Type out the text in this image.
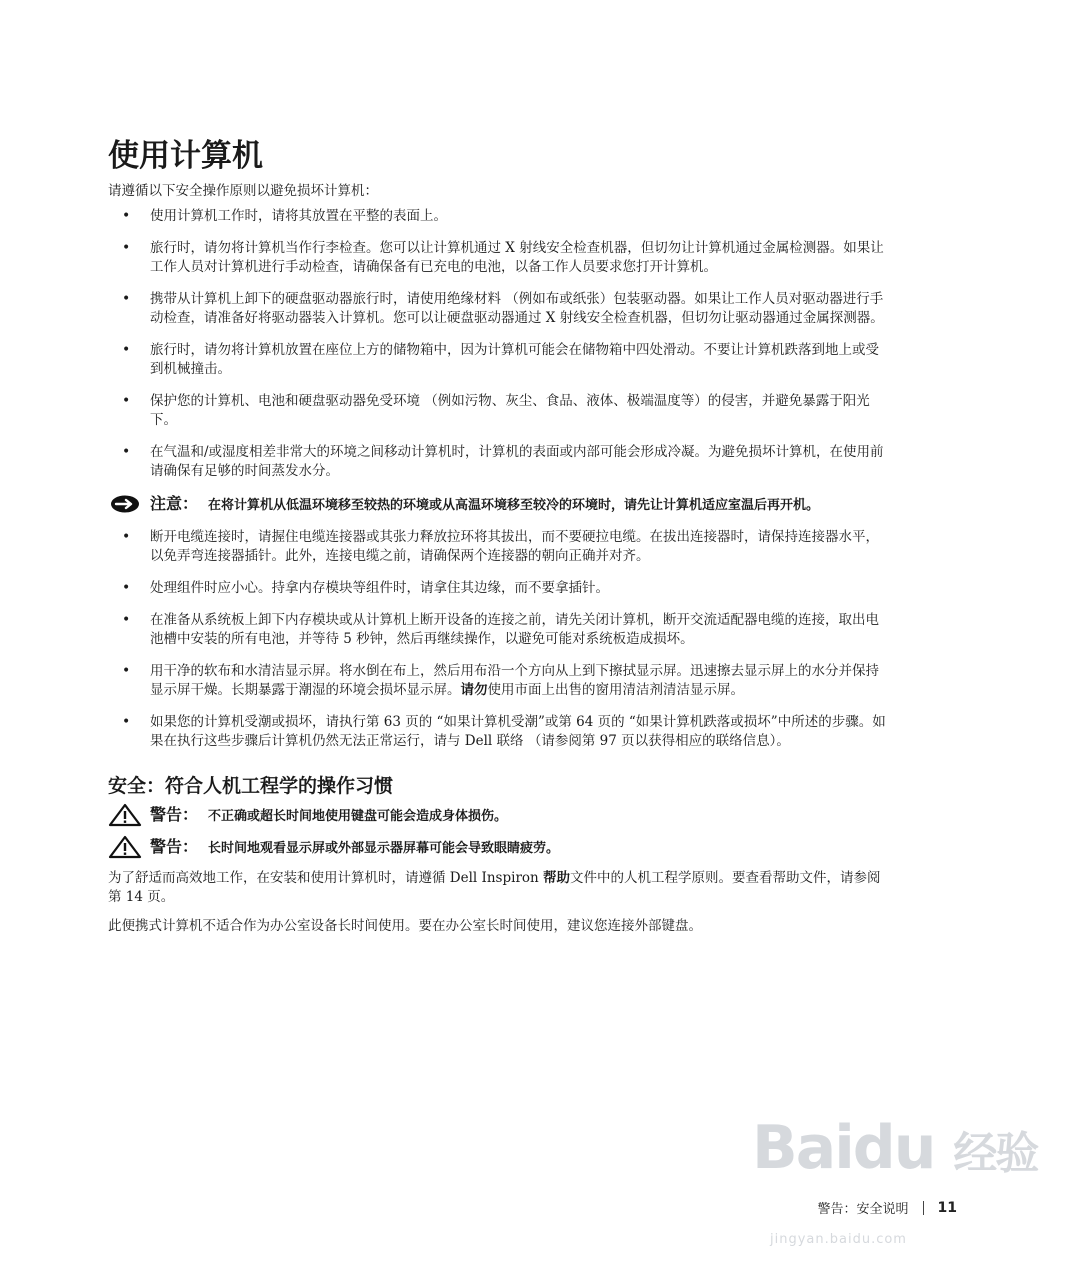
使用计算机

请遵循以下安全操作原则以避免损坏计算机：

• 使用计算机工作时，请将其放置在平整的表面上。
• 旅行时，请勿将计算机当作行李检查。您可以让计算机通过 X 射线安全检查机器，但切勿让计算机通过金属检测器。如果让工作人员对计算机进行手动检查，请确保备有已充电的电池，以备工作人员要求您打开计算机。
• 携带从计算机上卸下的硬盘驱动器旅行时，请使用绝缘材料 （例如布或纸张）包装驱动器。如果让工作人员对驱动器进行手动检查，请准备好将驱动器装入计算机。您可以让硬盘驱动器通过 X 射线安全检查机器，但切勿让驱动器通过金属探测器。
• 旅行时，请勿将计算机放置在座位上方的储物箱中，因为计算机可能会在储物箱中四处滑动。不要让计算机跌落到地上或受到机械撞击。
• 保护您的计算机、电池和硬盘驱动器免受环境 （例如污物、灰尘、食品、液体、极端温度等）的侵害，并避免暴露于阳光下。
• 在气温和/或湿度相差非常大的环境之间移动计算机时，计算机的表面或内部可能会形成冷凝。为避免损坏计算机，在使用前请确保有足够的时间蒸发水分。
注意： 在将计算机从低温环境移至较热的环境或从高温环境移至较冷的环境时，请先让计算机适应室温后再开机。
• 断开电缆连接时，请握住电缆连接器或其张力释放拉环将其拔出，而不要硬拉电缆。在拔出连接器时，请保持连接器水平，以免弄弯连接器插针。此外，连接电缆之前，请确保两个连接器的朝向正确并对齐。
• 处理组件时应小心。持拿内存模块等组件时，请拿住其边缘，而不要拿插针。
• 在准备从系统板上卸下内存模块或从计算机上断开设备的连接之前，请先关闭计算机，断开交流适配器电缆的连接，取出电池槽中安装的所有电池，并等待 5 秒钟，然后再继续操作，以避免可能对系统板造成损坏。
• 用干净的软布和水清洁显示屏。将水倒在布上，然后用布沿一个方向从上到下擦拭显示屏。迅速擦去显示屏上的水分并保持显示屏干燥。长期暴露于潮湿的环境会损坏显示屏。请勿使用市面上出售的窗用清洁剂清洁显示屏。
• 如果您的计算机受潮或损坏，请执行第 63 页的 “如果计算机受潮”或第 64 页的 “如果计算机跌落或损坏”中所述的步骤。如果在执行这些步骤后计算机仍然无法正常运行，请与 Dell 联络 （请参阅第 97 页以获得相应的联络信息）。
安全：符合人机工程学的操作习惯
警告： 不正确或超长时间地使用键盘可能会造成身体损伤。
警告： 长时间地观看显示屏或外部显示器屏幕可能会导致眼睛疲劳。

为了舒适而高效地工作，在安装和使用计算机时，请遵循 Dell Inspiron 帮助文件中的人机工程学原则。要查看帮助文件，请参阅第 14 页。

此便携式计算机不适合作为办公室设备长时间使用。要在办公室长时间使用，建议您连接外部键盘。

Baidu 经验
jingyan.baidu.com
警告：安全说明 11
